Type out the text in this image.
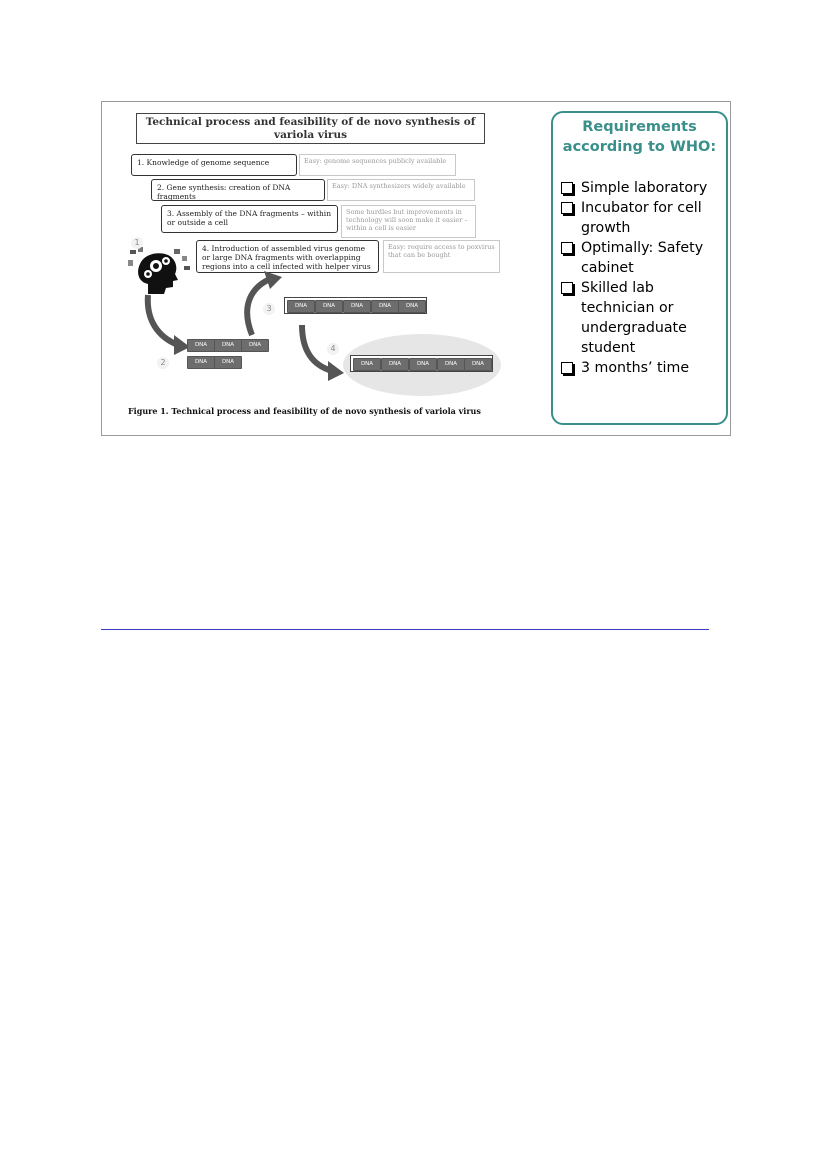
Technical process and feasibility of de novo synthesis of variola virus
1. Knowledge of genome sequence	Easy: genome sequences publicly available
2. Gene synthesis: creation of DNA fragments
Easy: DNA synthesizers widely available
3. Assembly of the DNA fragments – within or outside a cell
Some hurdles but improvements in technology will soon make it easier – within a cell is easier
4. Introduction of assembled virus genome or large DNA fragments with overlapping regions into a cell infected with helper virus
Easy: require access to poxvirus that can be bought
1
2
3
4
DNA	DNA	DNA
DNA	DNA
DNA	DNA	DNA	DNA	DNA
DNA	DNA	DNA	DNA	DNA
Figure 1. Technical process and feasibility of de novo synthesis of variola virus
Requirements according to WHO:
Simple laboratory
Incubator for cell growth
Optimally: Safety cabinet
Skilled lab technician or undergraduate student
3 months’ time
